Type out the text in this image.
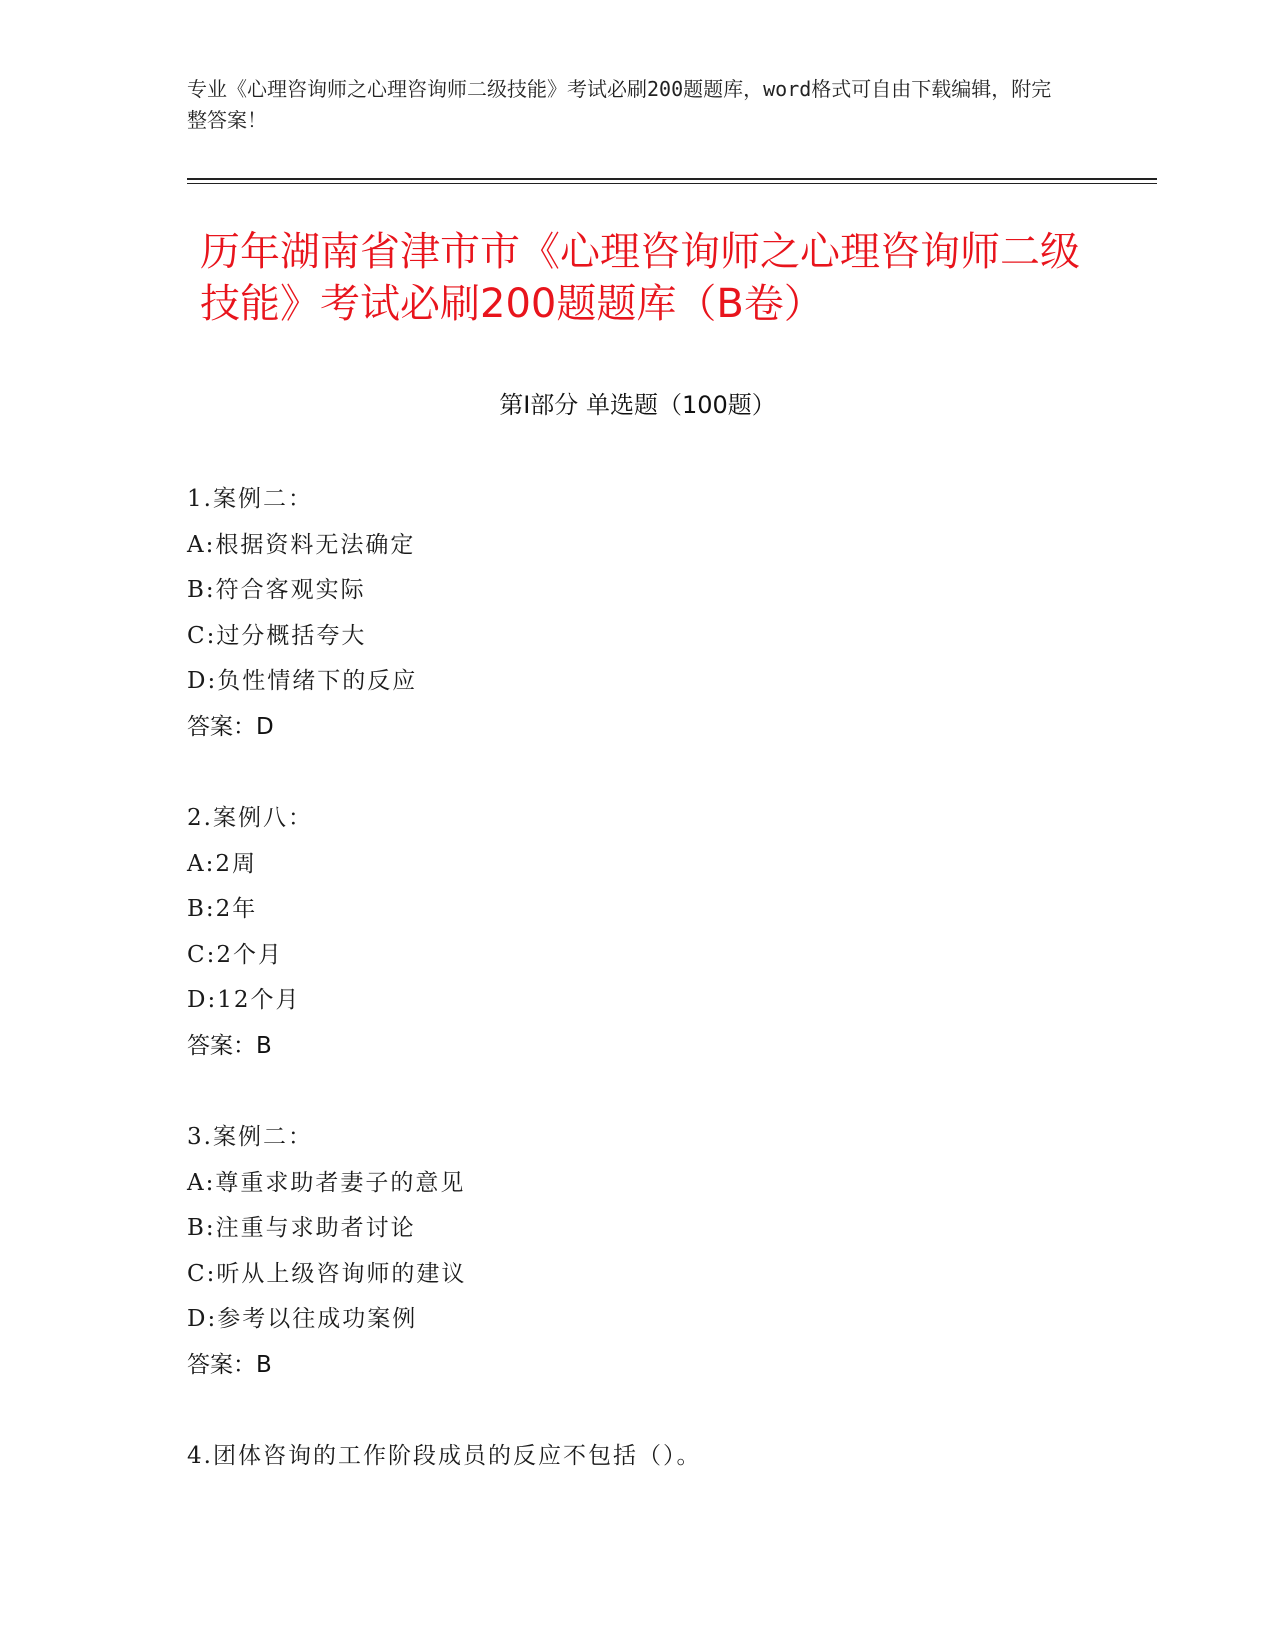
专业《心理咨询师之心理咨询师二级技能》考试必刷200题题库，word格式可自由下载编辑，附完整答案！
历年湖南省津市市《心理咨询师之心理咨询师二级技能》考试必刷200题题库（B卷）
第Ⅰ部分 单选题（100题）
1.案例二：
A:根据资料无法确定
B:符合客观实际
C:过分概括夸大
D:负性情绪下的反应
答案：D
2.案例八：
A:2周
B:2年
C:2个月
D:12个月
答案：B
3.案例二：
A:尊重求助者妻子的意见
B:注重与求助者讨论
C:听从上级咨询师的建议
D:参考以往成功案例
答案：B
4.团体咨询的工作阶段成员的反应不包括（）。
